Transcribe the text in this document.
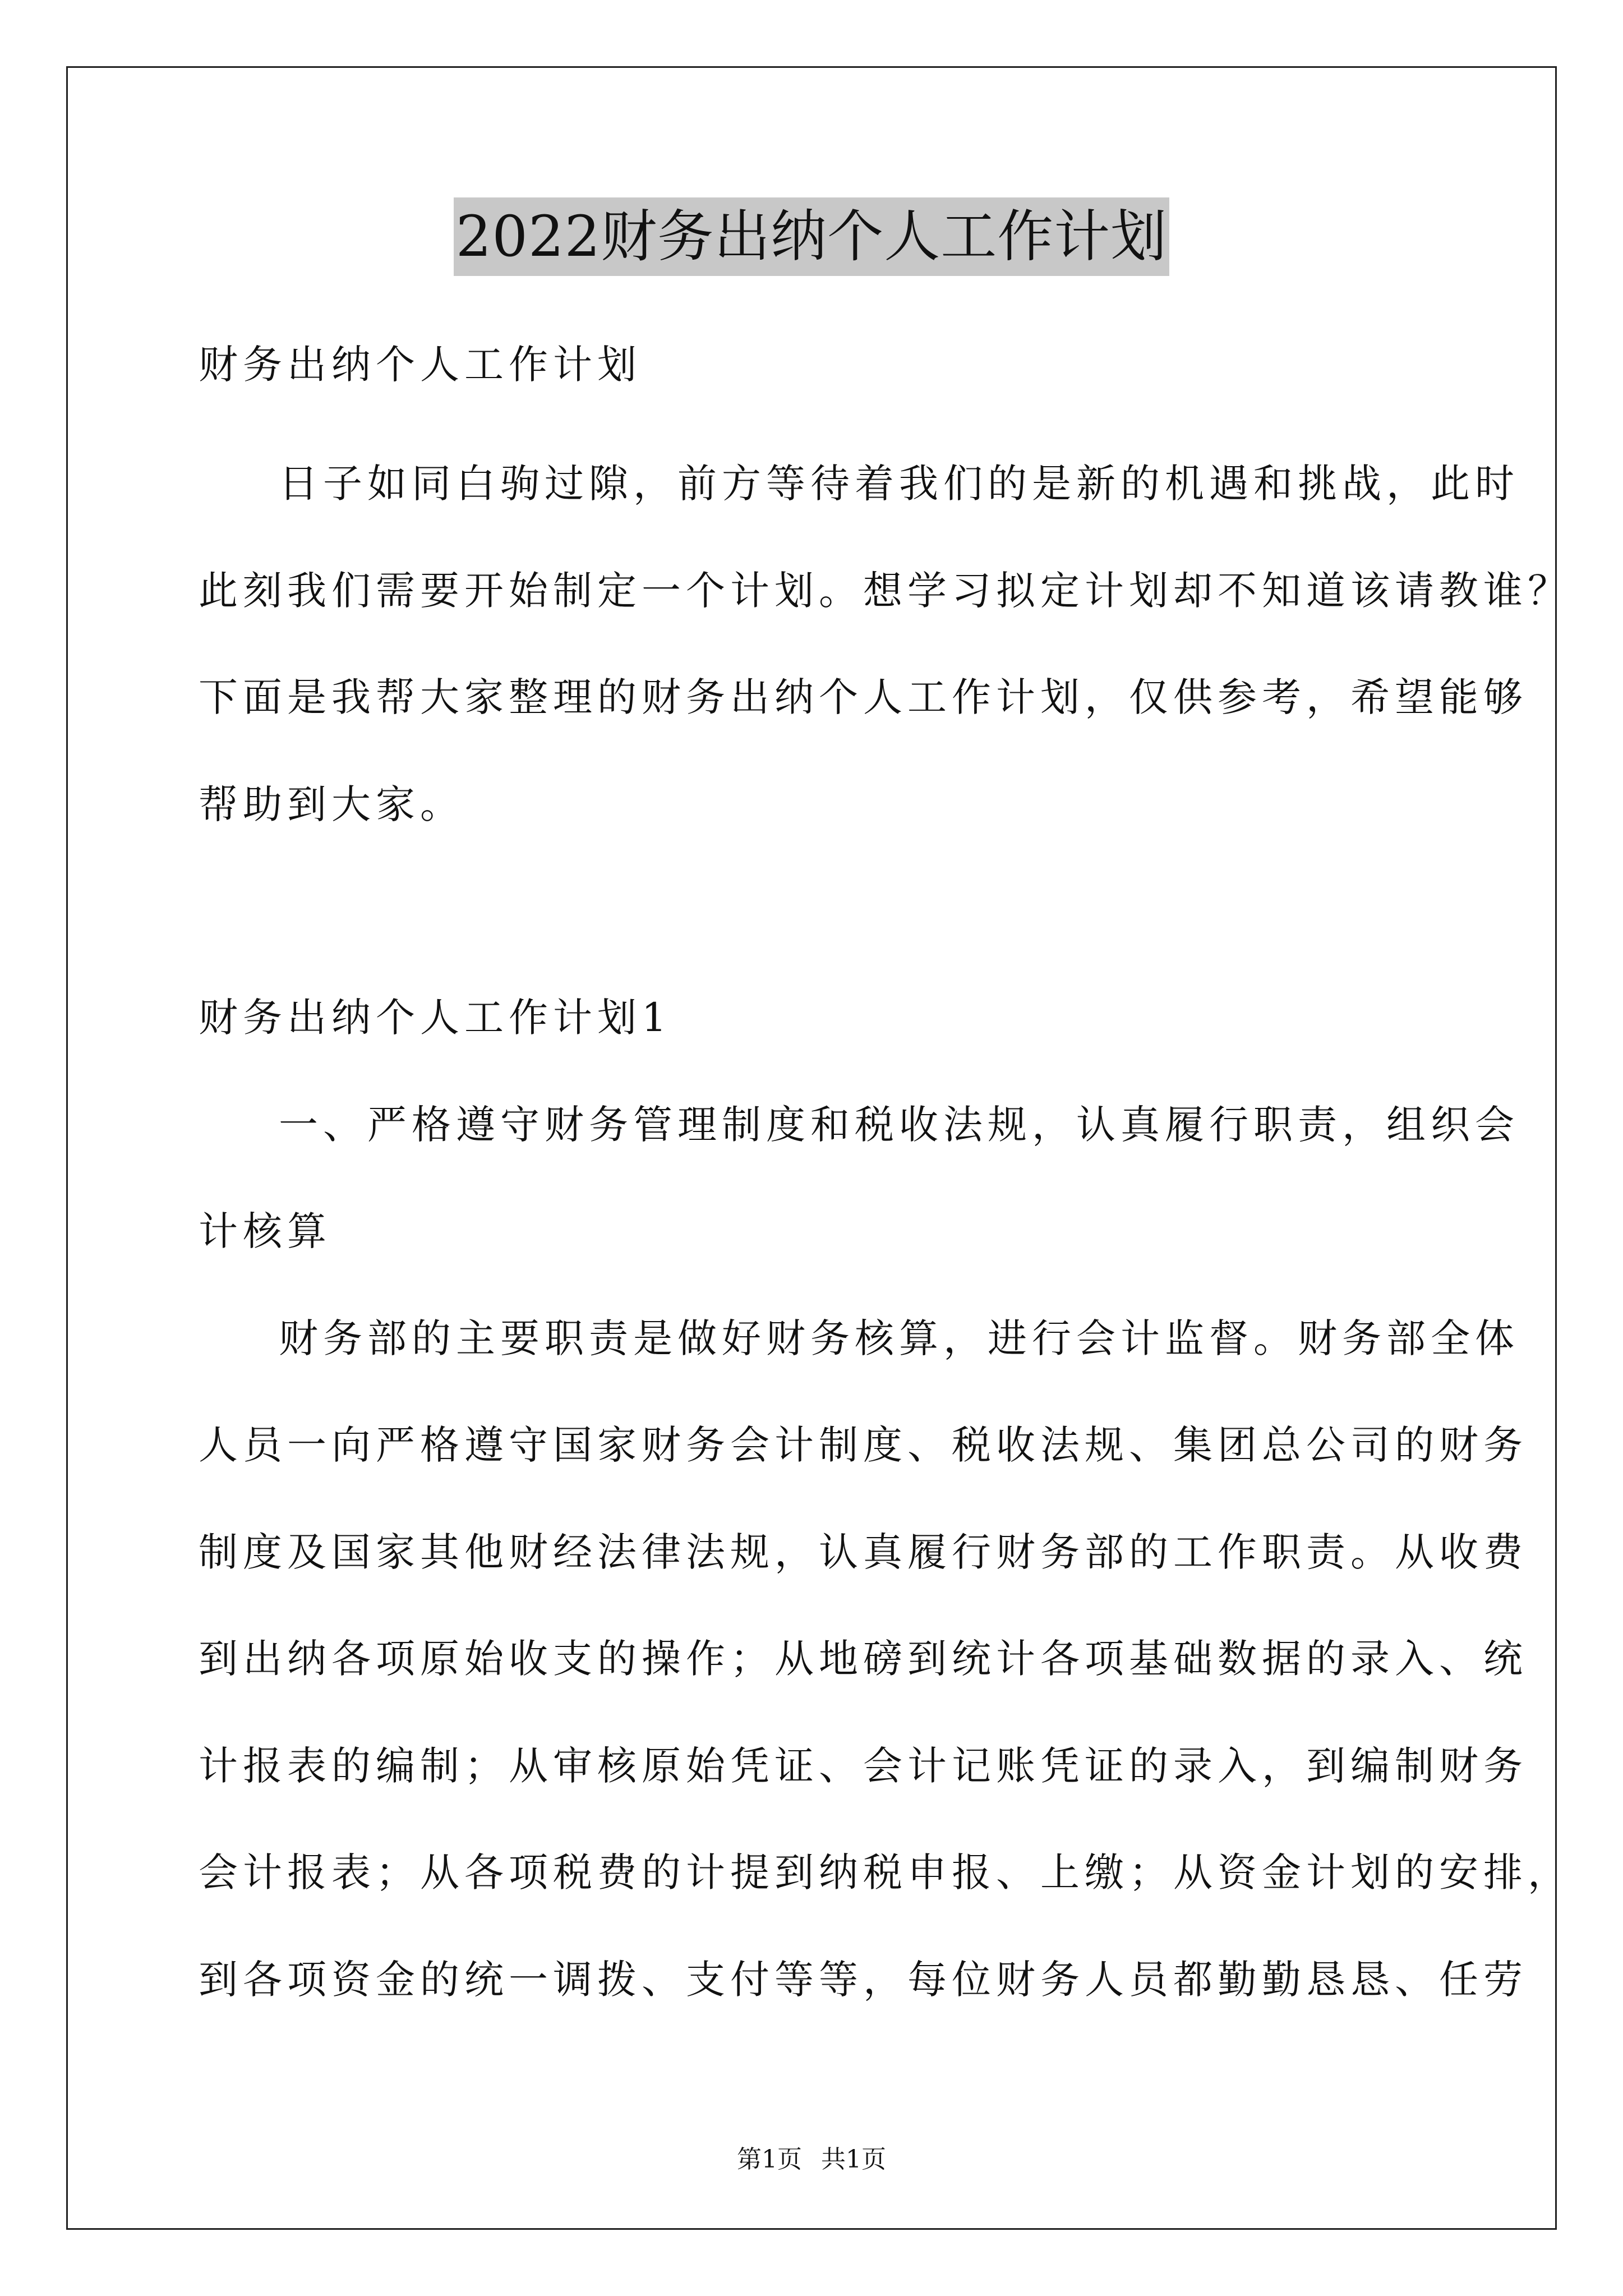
2022财务出纳个人工作计划
财务出纳个人工作计划
日子如同白驹过隙，前方等待着我们的是新的机遇和挑战，此时
此刻我们需要开始制定一个计划。想学习拟定计划却不知道该请教谁？
下面是我帮大家整理的财务出纳个人工作计划，仅供参考，希望能够
帮助到大家。
财务出纳个人工作计划1
一、严格遵守财务管理制度和税收法规，认真履行职责，组织会
计核算
财务部的主要职责是做好财务核算，进行会计监督。财务部全体
人员一向严格遵守国家财务会计制度、税收法规、集团总公司的财务
制度及国家其他财经法律法规，认真履行财务部的工作职责。从收费
到出纳各项原始收支的操作；从地磅到统计各项基础数据的录入、统
计报表的编制；从审核原始凭证、会计记账凭证的录入，到编制财务
会计报表；从各项税费的计提到纳税申报、上缴；从资金计划的安排，
到各项资金的统一调拨、支付等等，每位财务人员都勤勤恳恳、任劳
第1页 共1页
